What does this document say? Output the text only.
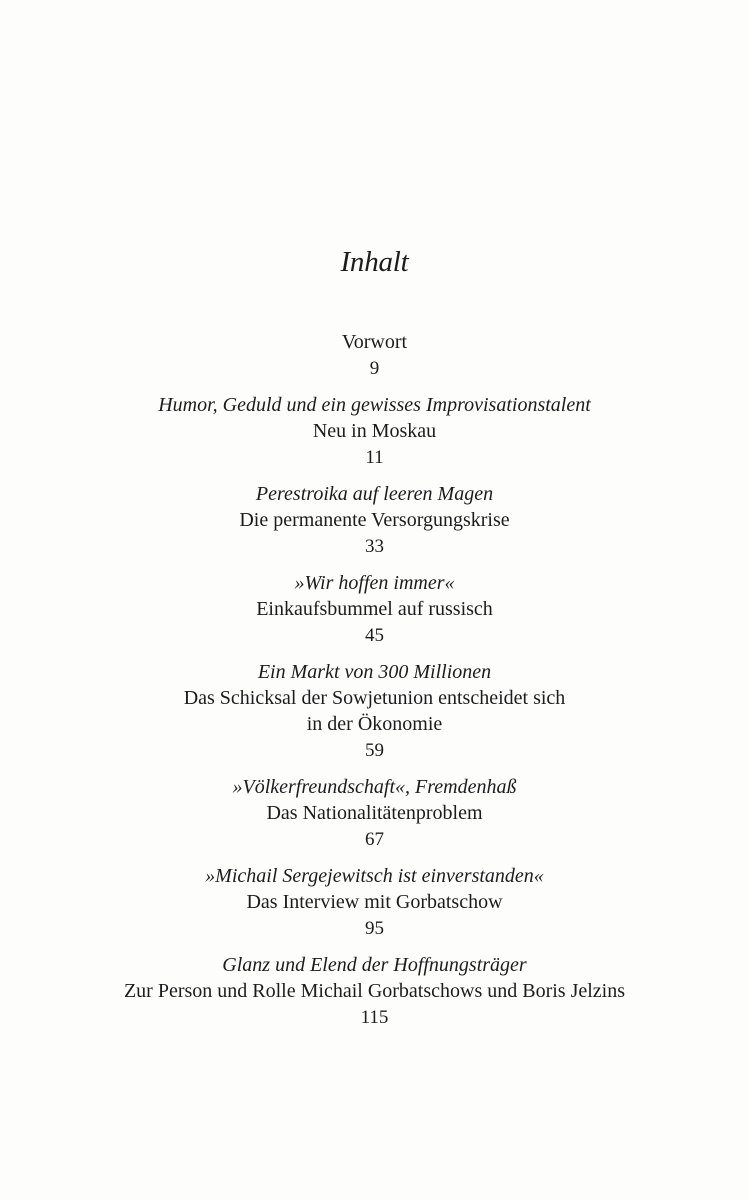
Inhalt
Vorwort
9
Humor, Geduld und ein gewisses Improvisationstalent
Neu in Moskau
11
Perestroika auf leeren Magen
Die permanente Versorgungskrise
33
»Wir hoffen immer«
Einkaufsbummel auf russisch
45
Ein Markt von 300 Millionen
Das Schicksal der Sowjetunion entscheidet sich
in der Ökonomie
59
»Völkerfreundschaft«, Fremdenhaß
Das Nationalitätenproblem
67
»Michail Sergejewitsch ist einverstanden«
Das Interview mit Gorbatschow
95
Glanz und Elend der Hoffnungsträger
Zur Person und Rolle Michail Gorbatschows und Boris Jelzins
115
